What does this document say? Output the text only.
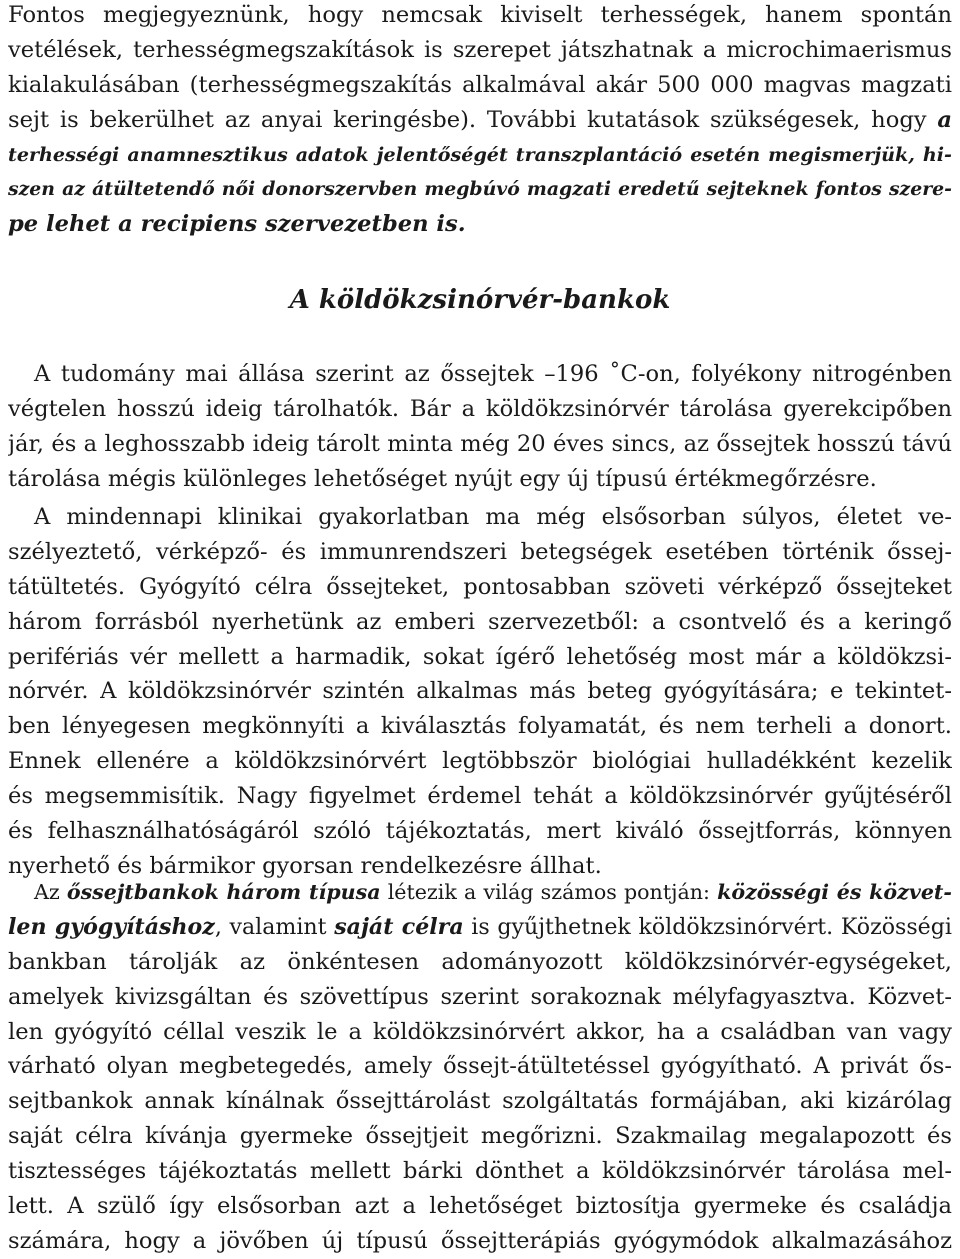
Fontos megjegyeznünk, hogy nemcsak kiviselt terhességek, hanem spontán
vetélések, terhességmegszakítások is szerepet játszhatnak a microchimaerismus
kialakulásában (terhességmegszakítás alkalmával akár 500 000 magvas magzati
sejt is bekerülhet az anyai keringésbe). További kutatások szükségesek, hogy a
terhességi anamnesztikus adatok jelentőségét transzplantáció esetén megismerjük, hi-
szen az átültetendő női donorszervben megbúvó magzati eredetű sejteknek fontos szere-
pe lehet a recipiens szervezetben is.
A köldökzsinórvér-bankok
A tudomány mai állása szerint az őssejtek –196 ˚C-on, folyékony nitrogénben
végtelen hosszú ideig tárolhatók. Bár a köldökzsinórvér tárolása gyerekcipőben
jár, és a leghosszabb ideig tárolt minta még 20 éves sincs, az őssejtek hosszú távú
tárolása mégis különleges lehetőséget nyújt egy új típusú értékmegőrzésre.
A mindennapi klinikai gyakorlatban ma még elsősorban súlyos, életet ve-
szélyeztető, vérképző- és immunrendszeri betegségek esetében történik őssej-
tátültetés. Gyógyító célra őssejteket, pontosabban szöveti vérképző őssejteket
három forrásból nyerhetünk az emberi szervezetből: a csontvelő és a keringő
perifériás vér mellett a harmadik, sokat ígérő lehetőség most már a köldökzsi-
nórvér. A köldökzsinórvér szintén alkalmas más beteg gyógyítására; e tekintet-
ben lényegesen megkönnyíti a kiválasztás folyamatát, és nem terheli a donort.
Ennek ellenére a köldökzsinórvért legtöbbször biológiai hulladékként kezelik
és megsemmisítik. Nagy figyelmet érdemel tehát a köldökzsinórvér gyűjtéséről
és felhasználhatóságáról szóló tájékoztatás, mert kiváló őssejtforrás, könnyen
nyerhető és bármikor gyorsan rendelkezésre állhat.
Az őssejtbankok három típusa létezik a világ számos pontján: közösségi és közvet-
len gyógyításhoz, valamint saját célra is gyűjthetnek köldökzsinórvért. Közösségi
bankban tárolják az önkéntesen adományozott köldökzsinórvér-egységeket,
amelyek kivizsgáltan és szövettípus szerint sorakoznak mélyfagyasztva. Közvet-
len gyógyító céllal veszik le a köldökzsinórvért akkor, ha a családban van vagy
várható olyan megbetegedés, amely őssejt-átültetéssel gyógyítható. A privát ős-
sejtbankok annak kínálnak őssejttárolást szolgáltatás formájában, aki kizárólag
saját célra kívánja gyermeke őssejtjeit megőrizni. Szakmailag megalapozott és
tisztességes tájékoztatás mellett bárki dönthet a köldökzsinórvér tárolása mel-
lett. A szülő így elsősorban azt a lehetőséget biztosítja gyermeke és családja
számára, hogy a jövőben új típusú őssejtterápiás gyógymódok alkalmazásához
